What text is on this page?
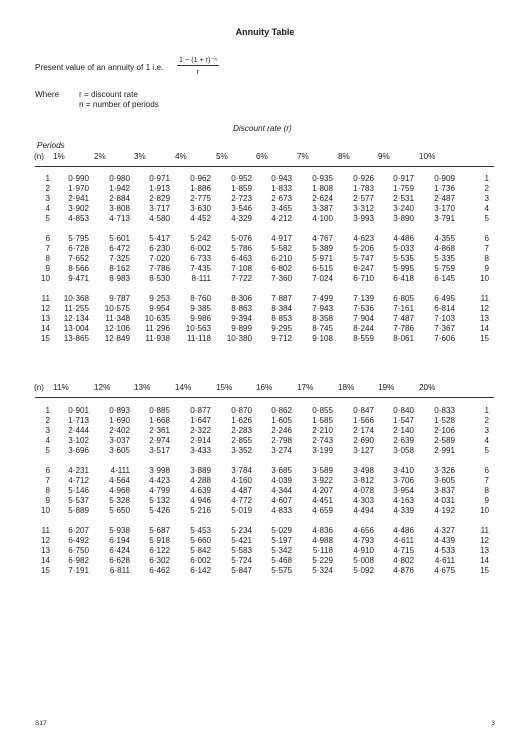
Annuity Table
Present value of an annuity of 1 i.e. $\frac{\text{1 − (1 + r)⁻ⁿ}}{r}$
Where r = discount rate
n = number of periods
Discount rate (r)
Periods
(n) 1%	2%	3%	4%	5%	6%	7%	8%	9%	10%
1	0·990	0·980	0·971	0·962	0·952	0·943	0·935	0·926	0·917	0·909	1
2	1·970	1·942	1·913	1·886	1·859	1·833	1·808	1·783	1·759	1·736	2
3	2·941	2·884	2·829	2·775	2·723	2·673	2·624	2·577	2·531	2·487	3
4	3·902	3·808	3·717	3·630	3·546	3·465	3·387	3·312	3·240	3·170	4
5	4·853	4·713	4·580	4·452	4·329	4·212	4·100	3·993	3·890	3·791	5
6	5·795	5·601	5·417	5·242	5·076	4·917	4·767	4·623	4·486	4·355	6
7	6·728	6·472	6·230	6·002	5·786	5·582	5·389	5·206	5·033	4·868	7
8	7·652	7·325	7·020	6·733	6·463	6·210	5·971	5·747	5·535	5·335	8
9	8·566	8·162	7·786	7·435	7·108	6·802	6·515	6·247	5·995	5·759	9
10	9·471	8·983	8·530	8·111	7·722	7·360	7·024	6·710	6·418	6·145	10
11	10·368	9·787	9·253	8·760	8·306	7·887	7·499	7·139	6·805	6·495	11
12	11·255	10·575	9·954	9·385	8·863	8·384	7·943	7·536	7·161	6·814	12
13	12·134	11·348	10·635	9·986	9·394	8·853	8·358	7·904	7·487	7·103	13
14	13·004	12·106	11·296	10·563	9·899	9·295	8·745	8·244	7·786	7·367	14
15	13·865	12·849	11·938	11·118	10·380	9·712	9·108	8·559	8·061	7·606	15
(n) 11%	12%	13%	14%	15%	16%	17%	18%	19%	20%
1	0·901	0·893	0·885	0·877	0·870	0·862	0·855	0·847	0·840	0·833	1
2	1·713	1·690	1·668	1·647	1·626	1·605	1·585	1·566	1·547	1·528	2
3	2·444	2·402	2·361	2·322	2·283	2·246	2·210	2·174	2·140	2·106	3
4	3·102	3·037	2·974	2·914	2·855	2·798	2·743	2·690	2·639	2·589	4
5	3·696	3·605	3·517	3·433	3·352	3·274	3·199	3·127	3·058	2·991	5
6	4·231	4·111	3·998	3·889	3·784	3·685	3·589	3·498	3·410	3·326	6
7	4·712	4·564	4·423	4·288	4·160	4·039	3·922	3·812	3·706	3·605	7
8	5·146	4·968	4·799	4·639	4·487	4·344	4·207	4·078	3·954	3·837	8
9	5·537	5·328	5·132	4·946	4·772	4·607	4·451	4·303	4·163	4·031	9
10	5·889	5·650	5·426	5·216	5·019	4·833	4·659	4·494	4·339	4·192	10
11	6·207	5·938	5·687	5·453	5·234	5·029	4·836	4·656	4·486	4·327	11
12	6·492	6·194	5·918	5·660	5·421	5·197	4·988	4·793	4·611	4·439	12
13	6·750	6·424	6·122	5·842	5·583	5·342	5·118	4·910	4·715	4·533	13
14	6·982	6·628	6·302	6·002	5·724	5·468	5·229	5·008	4·802	4·611	14
15	7·191	6·811	6·462	6·142	5·847	5·575	5·324	5·092	4·876	4·675	15
S17	3
